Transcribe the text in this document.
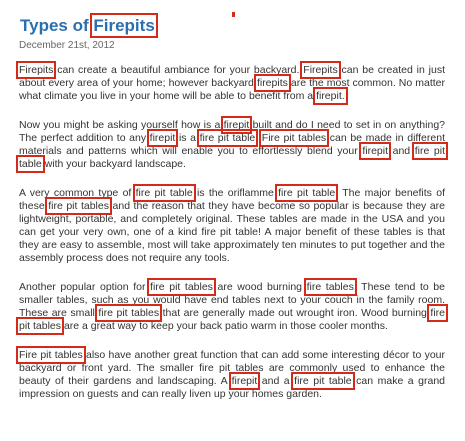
Types of Firepits
December 21st, 2012

Firepits can create a beautiful ambiance for your backyard. Firepits can be created in just about every area of your home; however backyard firepits are the most common. No matter what climate you live in your home will be able to benefit from a firepit.

Now you might be asking yourself how is a firepit built and do I need to set in on anything? The perfect addition to any firepit is a fire pit table. Fire pit tables can be made in different materials and patterns which will enable you to effortlessly blend your firepit and fire pit table with your backyard landscape.

A very common type of fire pit table is the oriflamme fire pit table. The major benefits of these fire pit tables and the reason that they have become so popular is because they are lightweight, portable, and completely original. These tables are made in the USA and you can get your very own, one of a kind fire pit table! A major benefit of these tables is that they are easy to assemble, most will take approximately ten minutes to put together and the assembly process does not require any tools.

Another popular option for fire pit tables are wood burning fire tables. These tend to be smaller tables, such as you would have end tables next to your couch in the family room. These are small fire pit tables that are generally made out wrought iron. Wood burning fire pit tables are a great way to keep your back patio warm in those cooler months.

Fire pit tables also have another great function that can add some interesting décor to your backyard or front yard. The smaller fire pit tables are commonly used to enhance the beauty of their gardens and landscaping. A firepit and a fire pit table can make a grand impression on guests and can really liven up your homes garden.
